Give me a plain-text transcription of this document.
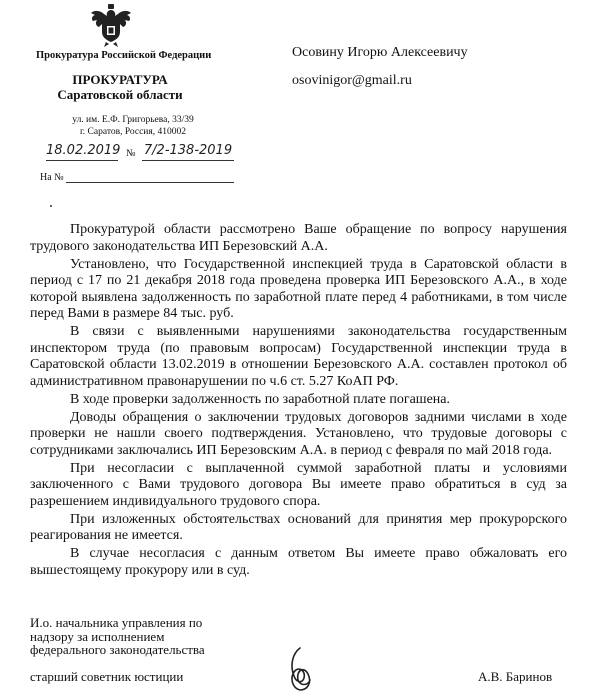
Прокуратура Российской Федерации
ПРОКУРАТУРА
Саратовской области
ул. им. Е.Ф. Григорьева, 33/39
г. Саратов, Россия, 410002
18.02.2019 № 7/2-138-2019
На №
Осовину Игорю Алексеевичу
osovinigor@gmail.ru

Прокуратурой области рассмотрено Ваше обращение по вопросу нарушения трудового законодательства ИП Березовский А.А.

Установлено, что Государственной инспекцией труда в Саратовской области в период с 17 по 21 декабря 2018 года проведена проверка ИП Березовского А.А., в ходе которой выявлена задолженность по заработной плате перед 4 работниками, в том числе перед Вами в размере 84 тыс. руб.

В связи с выявленными нарушениями законодательства государственным инспектором труда (по правовым вопросам) Государственной инспекции труда в Саратовской области 13.02.2019 в отношении Березовского А.А. составлен протокол об административном правонарушении по ч.6 ст. 5.27 КоАП РФ.

В ходе проверки задолженность по заработной плате погашена.

Доводы обращения о заключении трудовых договоров задними числами в ходе проверки не нашли своего подтверждения. Установлено, что трудовые договоры с сотрудниками заключались ИП Березовским А.А. в период с февраля по май 2018 года.

При несогласии с выплаченной суммой заработной платы и условиями заключенного с Вами трудового договора Вы имеете право обратиться в суд за разрешением индивидуального трудового спора.

При изложенных обстоятельствах оснований для принятия мер прокурорского реагирования не имеется.

В случае несогласия с данным ответом Вы имеете право обжаловать его вышестоящему прокурору или в суд.

И.о. начальника управления по
надзору за исполнением
федерального законодательства
старший советник юстиции	А.В. Баринов
